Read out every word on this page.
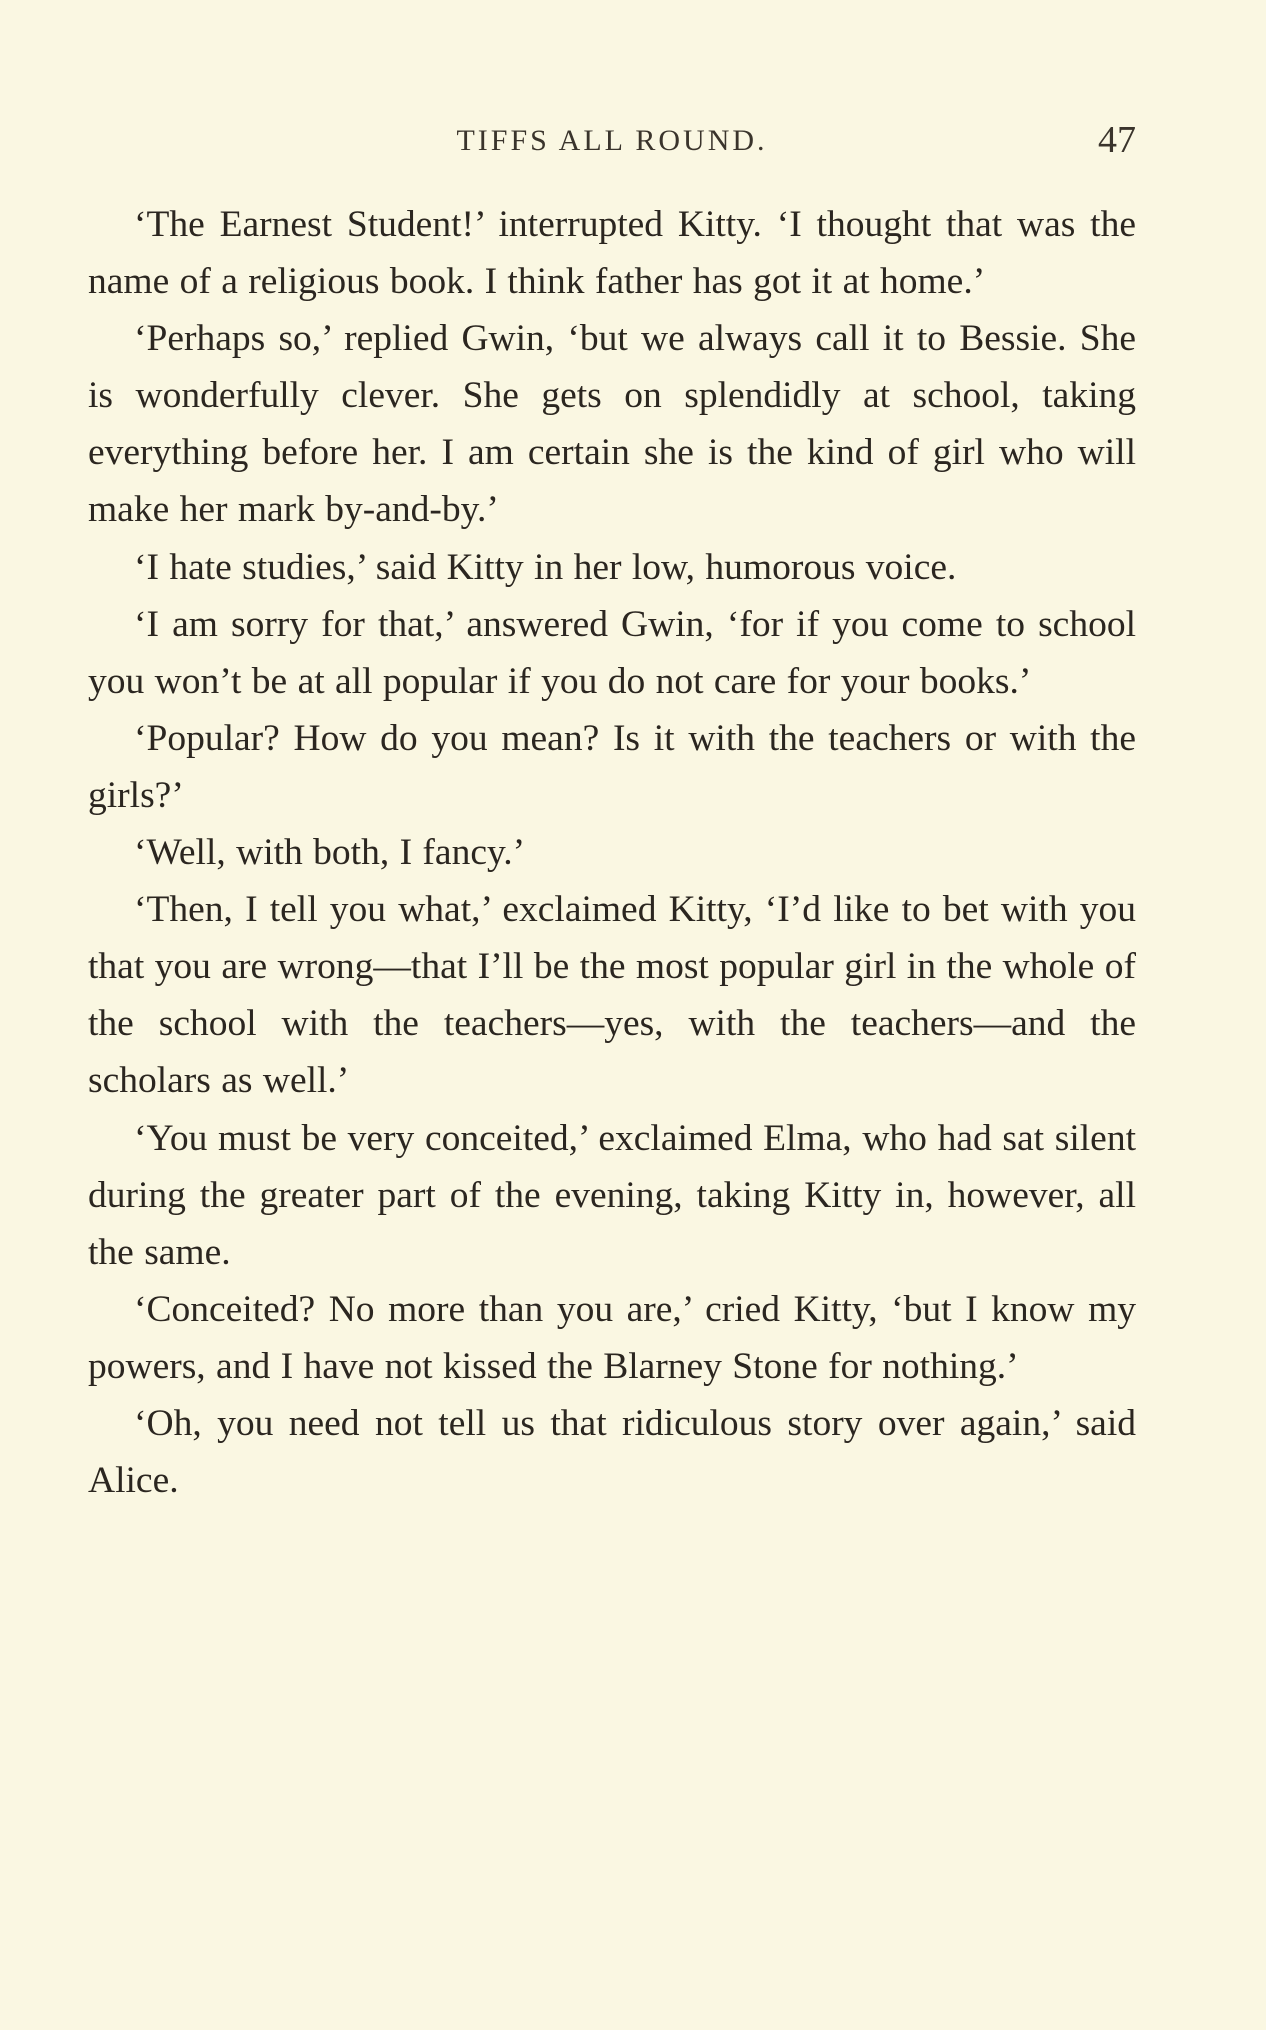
TIFFS ALL ROUND.	47

‘The Earnest Student!’ interrupted Kitty. ‘I thought that was the name of a religious book. I think father has got it at home.’

‘Perhaps so,’ replied Gwin, ‘but we always call it to Bessie. She is wonderfully clever. She gets on splendidly at school, taking everything before her. I am certain she is the kind of girl who will make her mark by-and-by.’

‘I hate studies,’ said Kitty in her low, humorous voice.

‘I am sorry for that,’ answered Gwin, ‘for if you come to school you won’t be at all popular if you do not care for your books.’

‘Popular? How do you mean? Is it with the teachers or with the girls?’

‘Well, with both, I fancy.’

‘Then, I tell you what,’ exclaimed Kitty, ‘I’d like to bet with you that you are wrong—that I’ll be the most popular girl in the whole of the school with the teachers—yes, with the teachers—and the scholars as well.’

‘You must be very conceited,’ exclaimed Elma, who had sat silent during the greater part of the evening, taking Kitty in, however, all the same.

‘Conceited? No more than you are,’ cried Kitty, ‘but I know my powers, and I have not kissed the Blarney Stone for nothing.’

‘Oh, you need not tell us that ridiculous story over again,’ said Alice.
